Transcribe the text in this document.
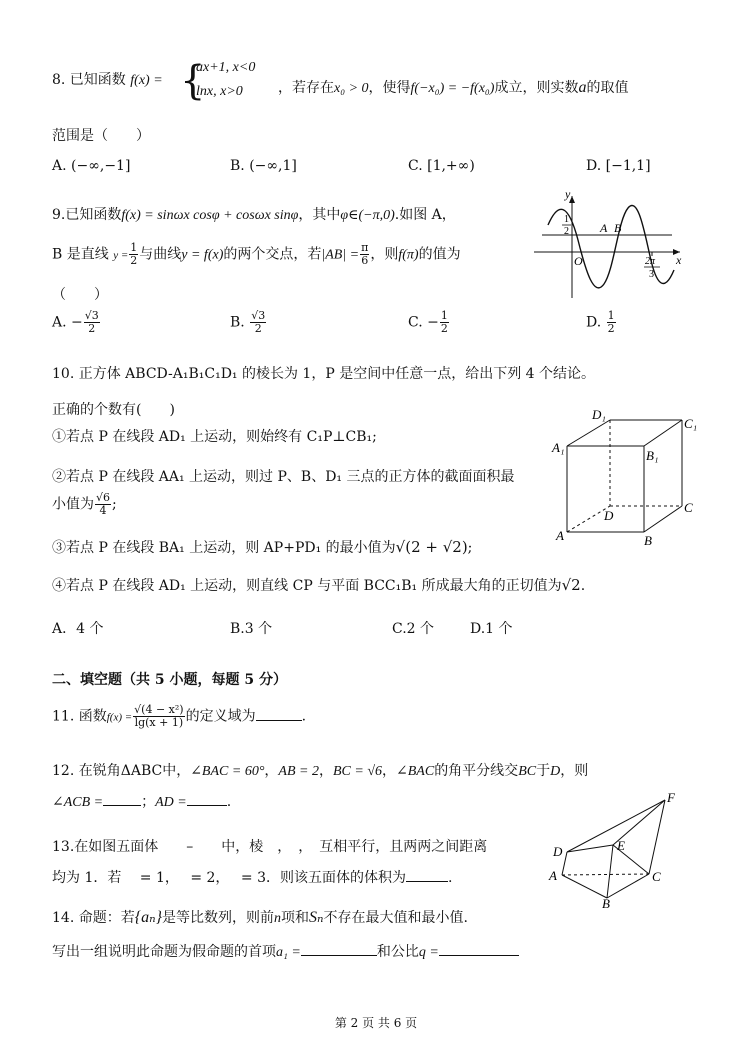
8. 已知函数 f(x) = {
ax+1, x<0
lnx, x>0	，若存在x₀ > 0，使得f(−x₀) = −f(x₀)成立，则实数a的取值
范围是（　　）
A. (−∞,−1]	B. (−∞,1]	C. [1,+∞)	D. [−1,1]
9.已知函数f(x) = sinωx cosφ + cosωx sinφ，其中φ∈(−π,0).如图 A，
B 是直线 $y = \frac{1}{2}$ 与曲线y = f(x)的两个交点，若$|AB| = \frac{\pi}{6}$ ，则f(π)的值为
（　　）
A. − $\frac{√3}{2}$	B. $\frac{√3}{2}$	C. − $\frac{1}{2}$	D. $\frac{1}{2}$
y
x
O
A B
1
2
2π
3
10. 正方体 ABCD-A₁B₁C₁D₁ 的棱长为 1，P 是空间中任意一点，给出下列 4 个结论。
正确的个数有(　　)
①若点 P 在线段 AD₁ 上运动，则始终有 C₁P⊥CB₁;
②若点 P 在线段 AA₁ 上运动，则过 P、B、D₁ 三点的正方体的截面面积最
小值为 $\frac{√6}{4}$ ;
③若点 P 在线段 BA₁ 上运动，则 AP+PD₁ 的最小值为√(2 + √2);
④若点 P 在线段 AD₁ 上运动，则直线 CP 与平面 BCC₁B₁ 所成最大角的正切值为√2.
A．4 个	B.3 个	C.2 个	D.1 个
D₁
C₁
A₁
B₁
D
C
A	B
二、填空题（共 5 小题，每题 5 分）
11. 函数$f(x) = \frac{\text{√(4 − x²)}}{\lg(x + 1)}$ 的定义域为	.
12. 在锐角ΔABC中，∠BAC = 60°，AB = 2，BC = √6，∠BAC的角平分线交BC于D，则
∠ACB =	；AD =	.
13.在如图五面体　　–　　中，棱　，　，　互相平行，且两两之间距离
均为 1．若　 = 1，　 = 2，　 = 3．则该五面体的体积为	.
F
D	E
A	C
B
14. 命题：若{aₙ}是等比数列，则前n项和Sₙ不存在最大值和最小值.
写出一组说明此命题为假命题的首项a₁ =	和公比q =
第 2 页 共 6 页
